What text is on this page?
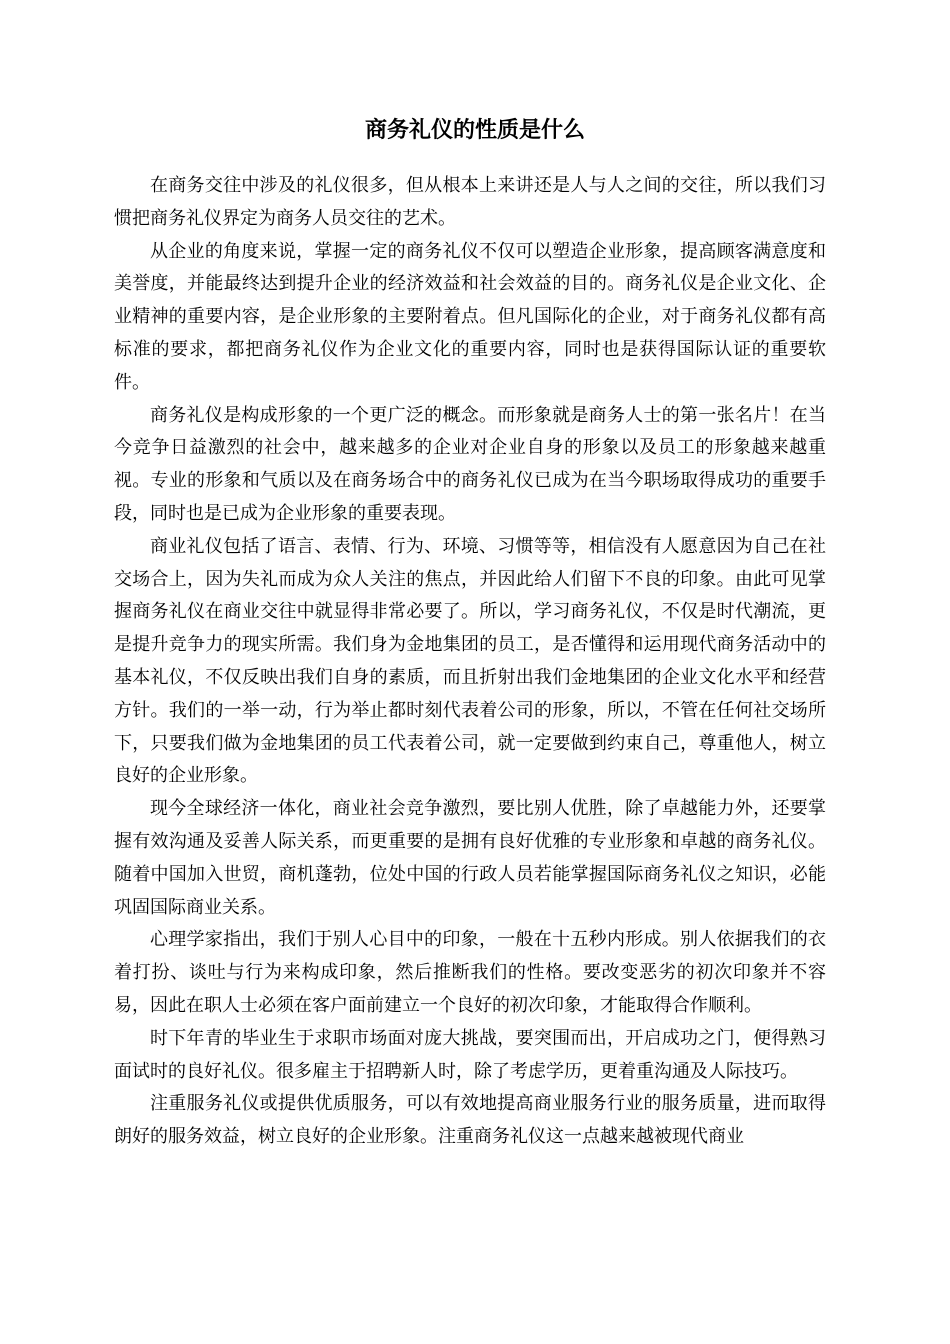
商务礼仪的性质是什么

在商务交往中涉及的礼仪很多，但从根本上来讲还是人与人之间的交往，所以我们习惯把商务礼仪界定为商务人员交往的艺术。

从企业的角度来说，掌握一定的商务礼仪不仅可以塑造企业形象，提高顾客满意度和美誉度，并能最终达到提升企业的经济效益和社会效益的目的。商务礼仪是企业文化、企业精神的重要内容，是企业形象的主要附着点。但凡国际化的企业，对于商务礼仪都有高标准的要求，都把商务礼仪作为企业文化的重要内容，同时也是获得国际认证的重要软件。

商务礼仪是构成形象的一个更广泛的概念。而形象就是商务人士的第一张名片！在当今竞争日益激烈的社会中，越来越多的企业对企业自身的形象以及员工的形象越来越重视。专业的形象和气质以及在商务场合中的商务礼仪已成为在当今职场取得成功的重要手段，同时也是已成为企业形象的重要表现。

商业礼仪包括了语言、表情、行为、环境、习惯等等，相信没有人愿意因为自己在社交场合上，因为失礼而成为众人关注的焦点，并因此给人们留下不良的印象。由此可见掌握商务礼仪在商业交往中就显得非常必要了。所以，学习商务礼仪，不仅是时代潮流，更是提升竞争力的现实所需。我们身为金地集团的员工，是否懂得和运用现代商务活动中的基本礼仪，不仅反映出我们自身的素质，而且折射出我们金地集团的企业文化水平和经营方针。我们的一举一动，行为举止都时刻代表着公司的形象，所以，不管在任何社交场所下，只要我们做为金地集团的员工代表着公司，就一定要做到约束自己，尊重他人，树立良好的企业形象。

现今全球经济一体化，商业社会竞争激烈，要比别人优胜，除了卓越能力外，还要掌握有效沟通及妥善人际关系，而更重要的是拥有良好优雅的专业形象和卓越的商务礼仪。随着中国加入世贸，商机蓬勃，位处中国的行政人员若能掌握国际商务礼仪之知识，必能巩固国际商业关系。

心理学家指出，我们于别人心目中的印象，一般在十五秒内形成。别人依据我们的衣着打扮、谈吐与行为来构成印象，然后推断我们的性格。要改变恶劣的初次印象并不容易，因此在职人士必须在客户面前建立一个良好的初次印象，才能取得合作顺利。

时下年青的毕业生于求职市场面对庞大挑战，要突围而出，开启成功之门，便得熟习面试时的良好礼仪。很多雇主于招聘新人时，除了考虑学历，更着重沟通及人际技巧。

注重服务礼仪或提供优质服务，可以有效地提高商业服务行业的服务质量，进而取得朗好的服务效益，树立良好的企业形象。注重商务礼仪这一点越来越被现代商业
